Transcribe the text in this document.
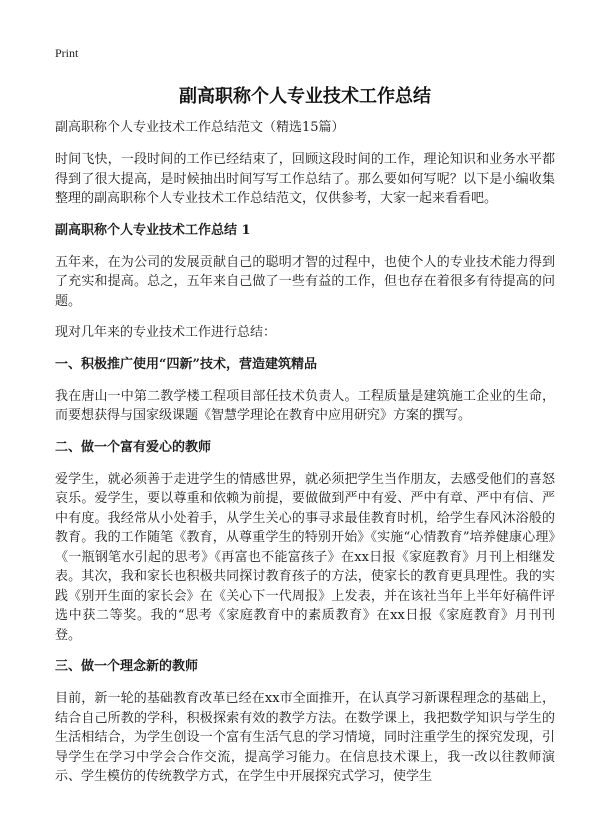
Print
副高职称个人专业技术工作总结
副高职称个人专业技术工作总结范文（精选15篇）

时间飞快，一段时间的工作已经结束了，回顾这段时间的工作，理论知识和业务水平都得到了很大提高，是时候抽出时间写写工作总结了。那么要如何写呢？以下是小编收集整理的副高职称个人专业技术工作总结范文，仅供参考，大家一起来看看吧。

副高职称个人专业技术工作总结 1

五年来，在为公司的发展贡献自己的聪明才智的过程中，也使个人的专业技术能力得到了充实和提高。总之，五年来自己做了一些有益的工作，但也存在着很多有待提高的问题。

现对几年来的专业技术工作进行总结：

一、积极推广使用“四新”技术，营造建筑精品

我在唐山一中第二教学楼工程项目部任技术负责人。工程质量是建筑施工企业的生命，而要想获得与国家级课题《智慧学理论在教育中应用研究》方案的撰写。

二、做一个富有爱心的教师

爱学生，就必须善于走进学生的情感世界，就必须把学生当作朋友，去感受他们的喜怒哀乐。爱学生，要以尊重和依赖为前提，要做做到严中有爱、严中有章、严中有信、严中有度。我经常从小处着手，从学生关心的事寻求最佳教育时机，给学生春风沐浴般的教育。我的工作随笔《教育，从尊重学生的特别开始》《实施“心情教育”培养健康心理》《一瓶钢笔水引起的思考》《再富也不能富孩子》在xx日报《家庭教育》月刊上相继发表。其次，我和家长也积极共同探讨教育孩子的方法，使家长的教育更具理性。我的实践《别开生面的家长会》在《关心下一代周报》上发表，并在该社当年上半年好稿件评选中获二等奖。我的“思考《家庭教育中的素质教育》在xx日报《家庭教育》月刊刊登。

三、做一个理念新的教师

目前，新一轮的基础教育改革已经在xx市全面推开，在认真学习新课程理念的基础上，结合自己所教的学科，积极探索有效的教学方法。在数学课上，我把数学知识与学生的生活相结合，为学生创设一个富有生活气息的学习情境，同时注重学生的探究发现，引导学生在学习中学会合作交流，提高学习能力。在信息技术课上，我一改以往教师演示、学生模仿的传统教学方式，在学生中开展探究式学习，使学生
